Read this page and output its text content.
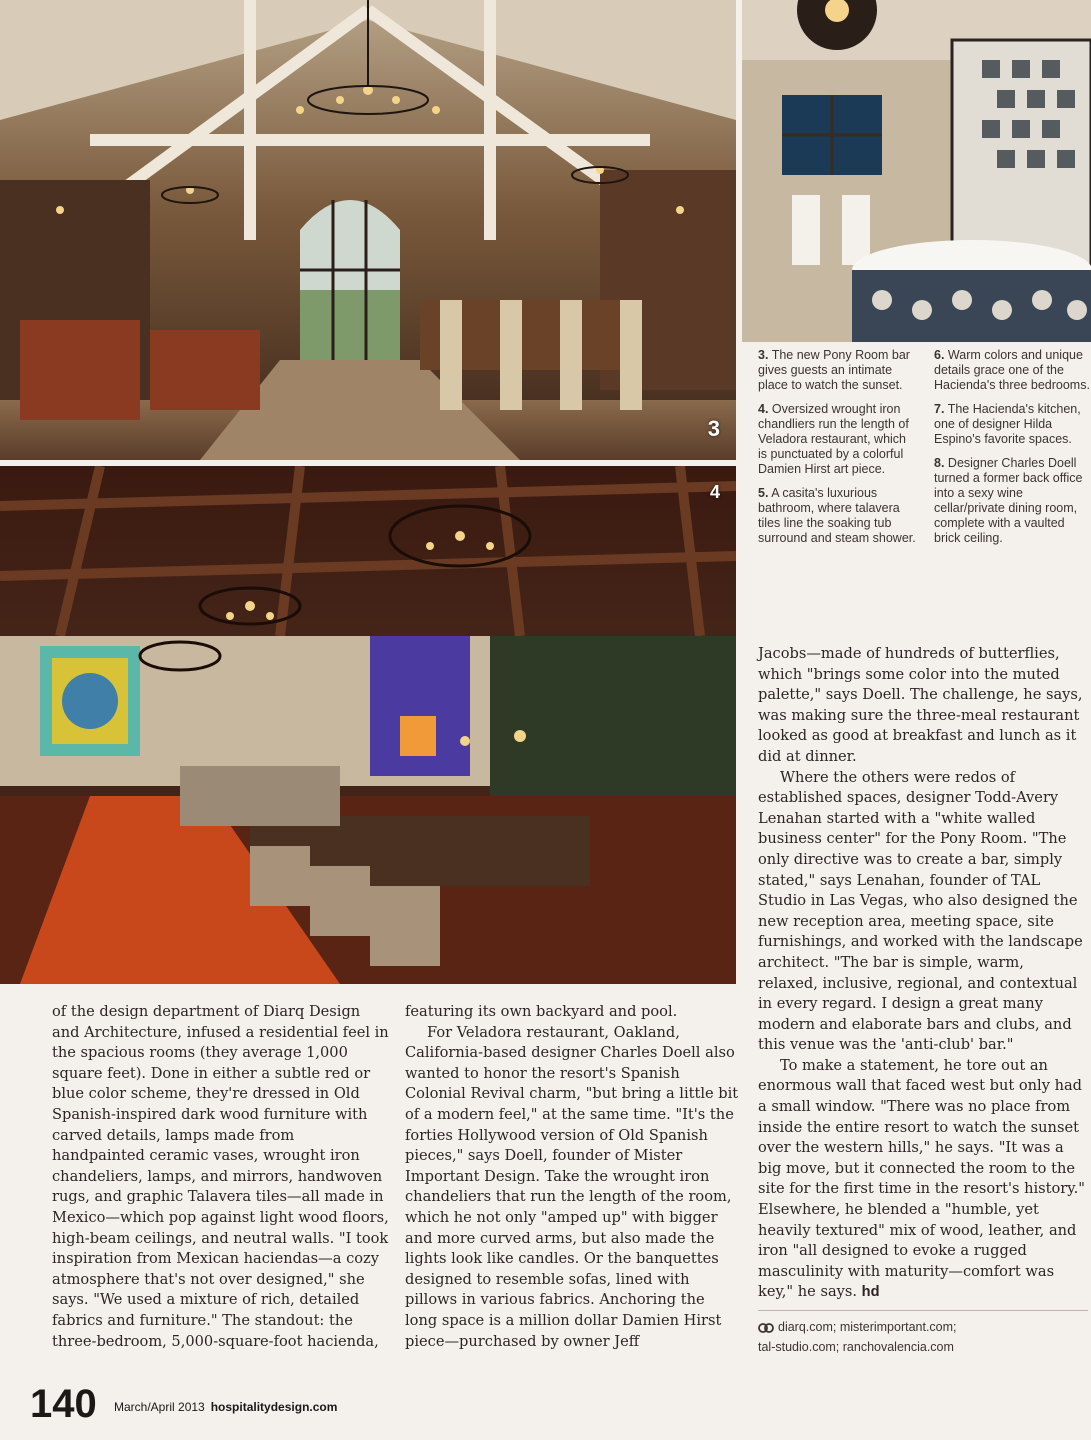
3
4

3. The new Pony Room bar gives guests an intimate place to watch the sunset.

4. Oversized wrought iron chandliers run the length of Veladora restaurant, which is punctuated by a colorful Damien Hirst art piece.

5. A casita's luxurious bathroom, where talavera tiles line the soaking tub surround and steam shower.

6. Warm colors and unique details grace one of the Hacienda's three bedrooms.

7. The Hacienda's kitchen, one of designer Hilda Espino's favorite spaces.

8. Designer Charles Doell turned a former back office into a sexy wine cellar/private dining room, complete with a vaulted brick ceiling.

of the design department of Diarq Design and Architecture, infused a residential feel in the spacious rooms (they average 1,000 square feet). Done in either a subtle red or blue color scheme, they're dressed in Old Spanish-inspired dark wood furniture with carved details, lamps made from handpainted ceramic vases, wrought iron chandeliers, lamps, and mirrors, handwoven rugs, and graphic Talavera tiles—all made in Mexico—which pop against light wood floors, high-beam ceilings, and neutral walls. "I took inspiration from Mexican haciendas—a cozy atmosphere that's not over designed," she says. "We used a mixture of rich, detailed fabrics and furniture." The standout: the three-bedroom, 5,000-square-foot hacienda,

featuring its own backyard and pool.

For Veladora restaurant, Oakland, California-based designer Charles Doell also wanted to honor the resort's Spanish Colonial Revival charm, "but bring a little bit of a modern feel," at the same time. "It's the forties Hollywood version of Old Spanish pieces," says Doell, founder of Mister Important Design. Take the wrought iron chandeliers that run the length of the room, which he not only "amped up" with bigger and more curved arms, but also made the lights look like candles. Or the banquettes designed to resemble sofas, lined with pillows in various fabrics. Anchoring the long space is a million dollar Damien Hirst piece—purchased by owner Jeff

Jacobs—made of hundreds of butterflies, which "brings some color into the muted palette," says Doell. The challenge, he says, was making sure the three-meal restaurant looked as good at breakfast and lunch as it did at dinner.

Where the others were redos of established spaces, designer Todd-Avery Lenahan started with a "white walled business center" for the Pony Room. "The only directive was to create a bar, simply stated," says Lenahan, founder of TAL Studio in Las Vegas, who also designed the new reception area, meeting space, site furnishings, and worked with the landscape architect. "The bar is simple, warm, relaxed, inclusive, regional, and contextual in every regard. I design a great many modern and elaborate bars and clubs, and this venue was the 'anti-club' bar."

To make a statement, he tore out an enormous wall that faced west but only had a small window. "There was no place from inside the entire resort to watch the sunset over the western hills," he says. "It was a big move, but it connected the room to the site for the first time in the resort's history." Elsewhere, he blended a "humble, yet heavily textured" mix of wood, leather, and iron "all designed to evoke a rugged masculinity with maturity—comfort was key," he says. hd

diarq.com; misterimportant.com;
tal-studio.com; ranchovalencia.com
140 March/April 2013 hospitalitydesign.com
